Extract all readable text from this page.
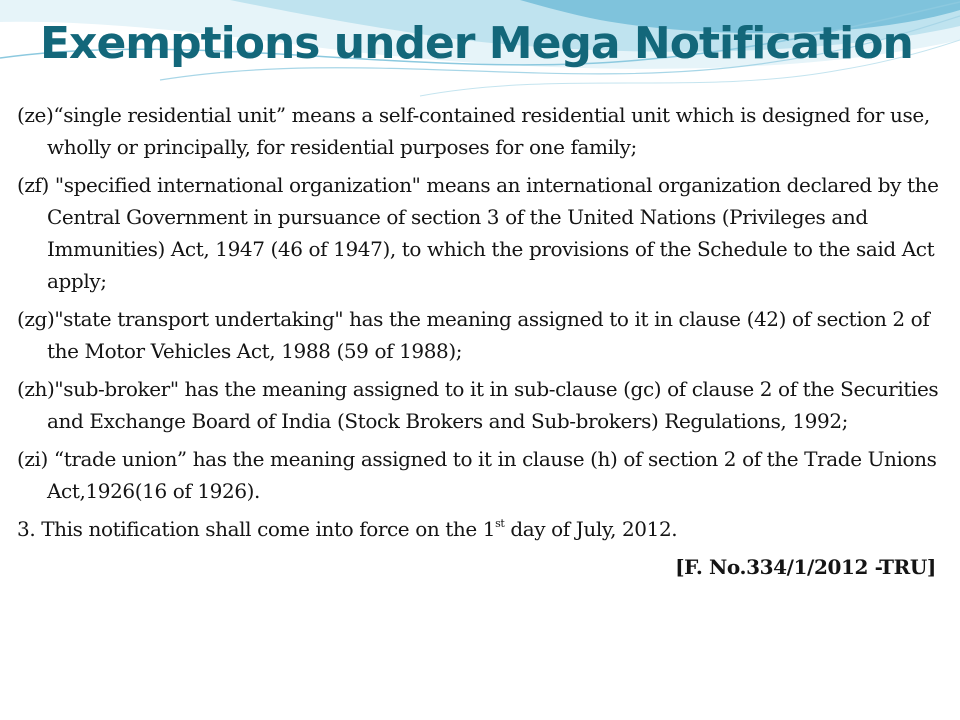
Exemptions under Mega Notification

(ze)“single residential unit” means a self-contained residential unit which is designed for use, wholly or principally, for residential purposes for one family;

(zf) "specified international organization" means an international organization declared by the Central Government in pursuance of section 3 of the United Nations (Privileges and Immunities) Act, 1947 (46 of 1947), to which the provisions of the Schedule to the said Act apply;

(zg)"state transport undertaking" has the meaning assigned to it in clause (42) of section 2 of the Motor Vehicles Act, 1988 (59 of 1988);

(zh)"sub-broker" has the meaning assigned to it in sub-clause (gc) of clause 2 of the Securities and Exchange Board of India (Stock Brokers and Sub-brokers) Regulations, 1992;

(zi) “trade union” has the meaning assigned to it in clause (h) of section 2 of the Trade Unions Act,1926(16 of 1926).

3. This notification shall come into force on the 1st day of July, 2012.

[F. No.334/1/2012 -TRU]
